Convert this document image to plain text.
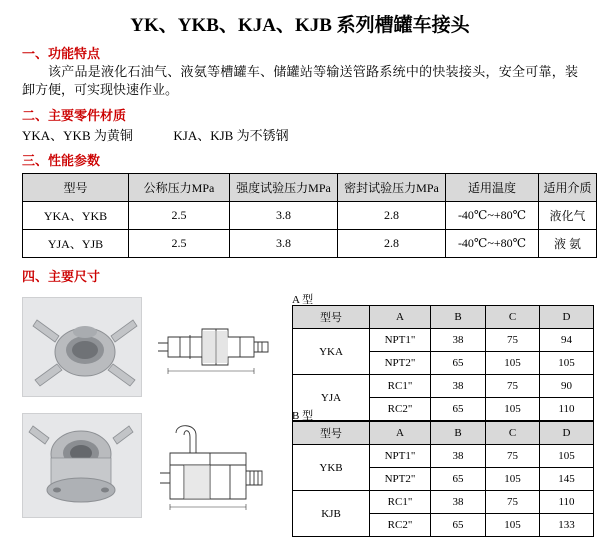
YK、YKB、KJA、KJB 系列槽罐车接头
一、功能特点
该产品是液化石油气、液氨等槽罐车、储罐站等输送管路系统中的快装接头，安全可靠，装卸方便，可实现快速作业。
二、主要零件材质
YKA、YKB 为黄铜	KJA、KJB 为不锈钢
三、性能参数
型号	公称压力MPa	强度试验压力MPa	密封试验压力MPa	适用温度	适用介质
YKA、YKB	2.5	3.8	2.8	-40℃~+80℃	液化气
YJA、YJB	2.5	3.8	2.8	-40℃~+80℃	液 氨
四、主要尺寸
A 型
B 型
型号	A	B	C	D
YKA	NPT1"	38	75	94
	NPT2"	65	105	105
YJA	RC1"	38	75	90
	RC2"	65	105	110
型号	A	B	C	D
YKB	NPT1"	38	75	105
	NPT2"	65	105	145
KJB	RC1"	38	75	110
	RC2"	65	105	133
